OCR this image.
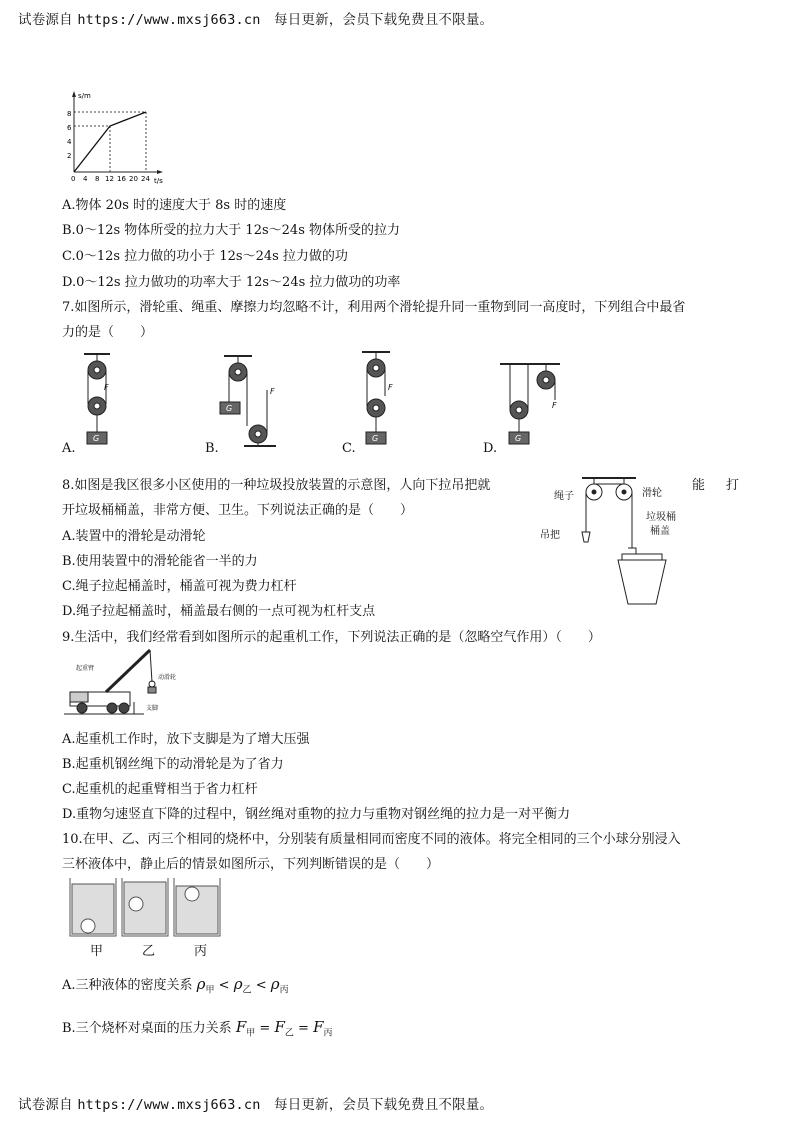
试卷源自 https://www.mxsj663.cn 每日更新，会员下载免费且不限量。
s/m
t/s
8
6
4
2
0 4 8 12 16 20 24
A.物体 20s 时的速度大于 8s 时的速度
B.0～12s 物体所受的拉力大于 12s～24s 物体所受的拉力
C.0～12s 拉力做的功小于 12s～24s 拉力做的功
D.0～12s 拉力做功的功率大于 12s～24s 拉力做功的功率
7.如图所示，滑轮重、绳重、摩擦力均忽略不计，利用两个滑轮提升同一重物到同一高度时，下列组合中最省
力的是（　　）
F
G
F
G
F
G
F
G
A.	B.	C.	D.
8.如图是我区很多小区使用的一种垃圾投放装置的示意图，人向下拉吊把就	能　打
开垃圾桶桶盖，非常方便、卫生。下列说法正确的是（　　）
A.装置中的滑轮是动滑轮
B.使用装置中的滑轮能省一半的力
C.绳子拉起桶盖时，桶盖可视为费力杠杆
D.绳子拉起桶盖时，桶盖最右侧的一点可视为杠杆支点
绳子	滑轮
吊把
垃圾桶
桶盖
9.生活中，我们经常看到如图所示的起重机工作，下列说法正确的是（忽略空气作用）（　　）
起重臂
动滑轮
支脚
A.起重机工作时，放下支脚是为了增大压强
B.起重机钢丝绳下的动滑轮是为了省力
C.起重机的起重臂相当于省力杠杆
D.重物匀速竖直下降的过程中，钢丝绳对重物的拉力与重物对钢丝绳的拉力是一对平衡力
10.在甲、乙、丙三个相同的烧杯中，分别装有质量相同而密度不同的液体。将完全相同的三个小球分别浸入
三杯液体中，静止后的情景如图所示，下列判断错误的是（　　）
甲	乙	丙
A.三种液体的密度关系 $\rho_甲 < \rho_乙 < \rho_丙$
B.三个烧杯对桌面的压力关系 $F_甲 = F_乙 = F_丙$
试卷源自 https://www.mxsj663.cn 每日更新，会员下载免费且不限量。
